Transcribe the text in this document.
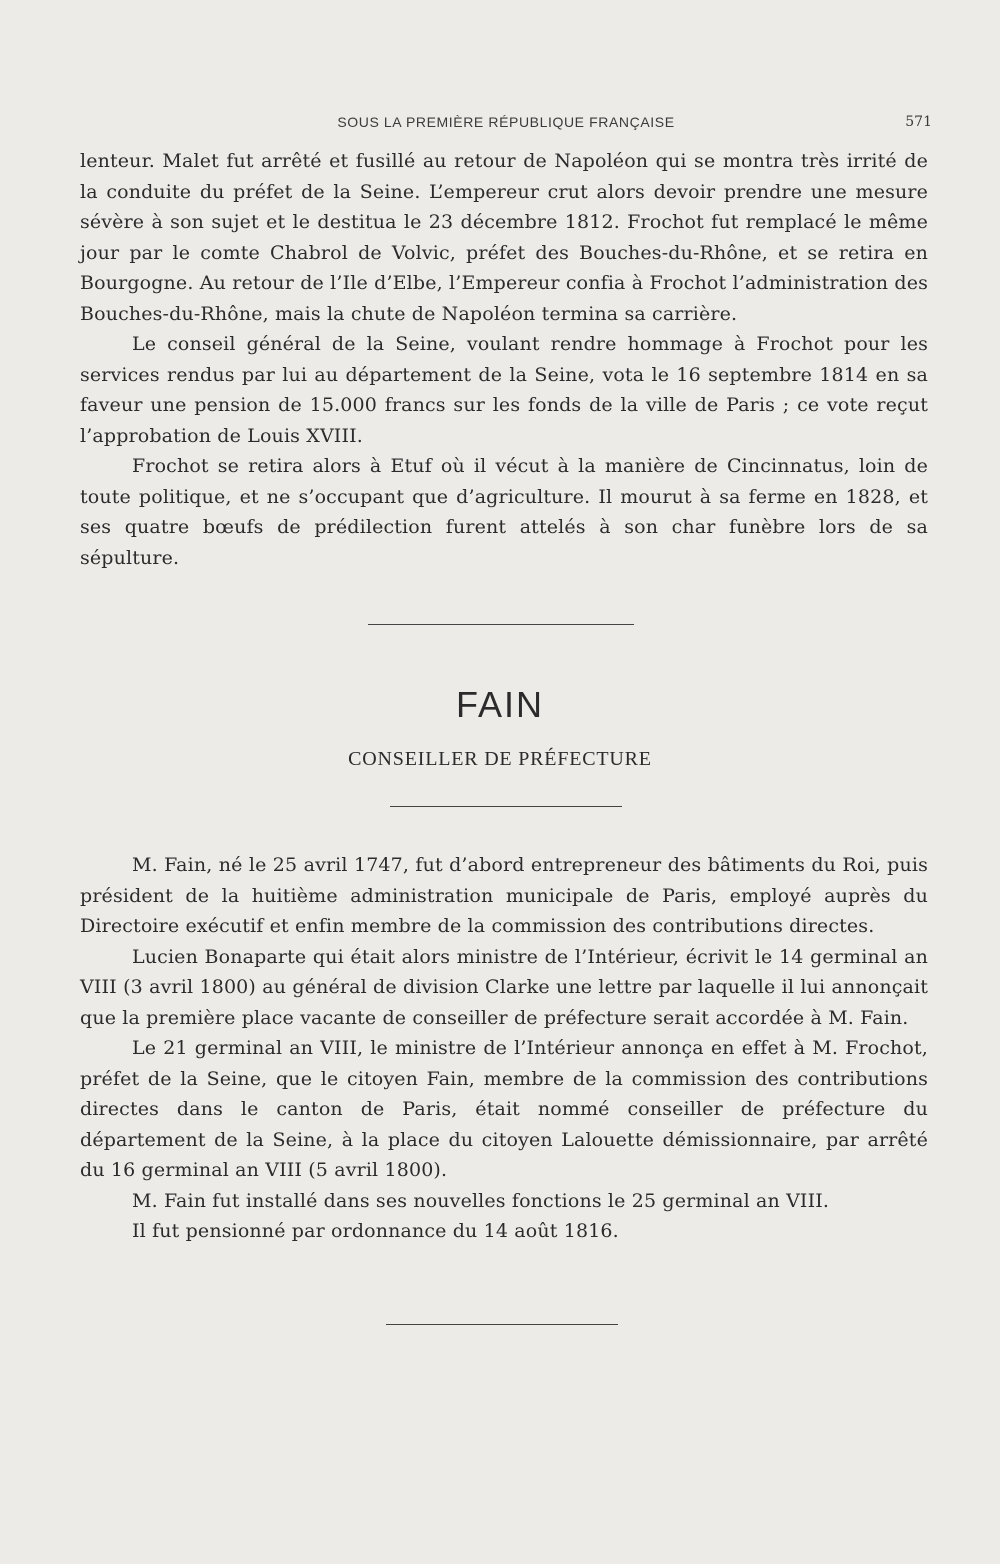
SOUS LA PREMIÈRE RÉPUBLIQUE FRANÇAISE	571

lenteur. Malet fut arrêté et fusillé au retour de Napoléon qui se montra très irrité de la conduite du préfet de la Seine. L’empereur crut alors devoir prendre une mesure sévère à son sujet et le destitua le 23 décembre 1812. Frochot fut remplacé le même jour par le comte Chabrol de Volvic, préfet des Bouches-du-Rhône, et se retira en Bourgogne. Au retour de l’Ile d’Elbe, l’Empereur confia à Frochot l’administration des Bouches-du-Rhône, mais la chute de Napoléon termina sa carrière.

Le conseil général de la Seine, voulant rendre hommage à Frochot pour les services rendus par lui au département de la Seine, vota le 16 septembre 1814 en sa faveur une pension de 15.000 francs sur les fonds de la ville de Paris ; ce vote reçut l’approbation de Louis XVIII.

Frochot se retira alors à Etuf où il vécut à la manière de Cincinnatus, loin de toute politique, et ne s’occupant que d’agriculture. Il mourut à sa ferme en 1828, et ses quatre bœufs de prédilection furent attelés à son char funèbre lors de sa sépulture.

FAIN
CONSEILLER DE PRÉFECTURE

M. Fain, né le 25 avril 1747, fut d’abord entrepreneur des bâtiments du Roi, puis président de la huitième administration municipale de Paris, employé auprès du Directoire exécutif et enfin membre de la commission des contributions directes.

Lucien Bonaparte qui était alors ministre de l’Intérieur, écrivit le 14 germinal an VIII (3 avril 1800) au général de division Clarke une lettre par laquelle il lui annonçait que la première place vacante de conseiller de préfecture serait accordée à M. Fain.

Le 21 germinal an VIII, le ministre de l’Intérieur annonça en effet à M. Frochot, préfet de la Seine, que le citoyen Fain, membre de la commission des contributions directes dans le canton de Paris, était nommé conseiller de préfecture du département de la Seine, à la place du citoyen Lalouette démissionnaire, par arrêté du 16 germinal an VIII (5 avril 1800).

M. Fain fut installé dans ses nouvelles fonctions le 25 germinal an VIII.

Il fut pensionné par ordonnance du 14 août 1816.
